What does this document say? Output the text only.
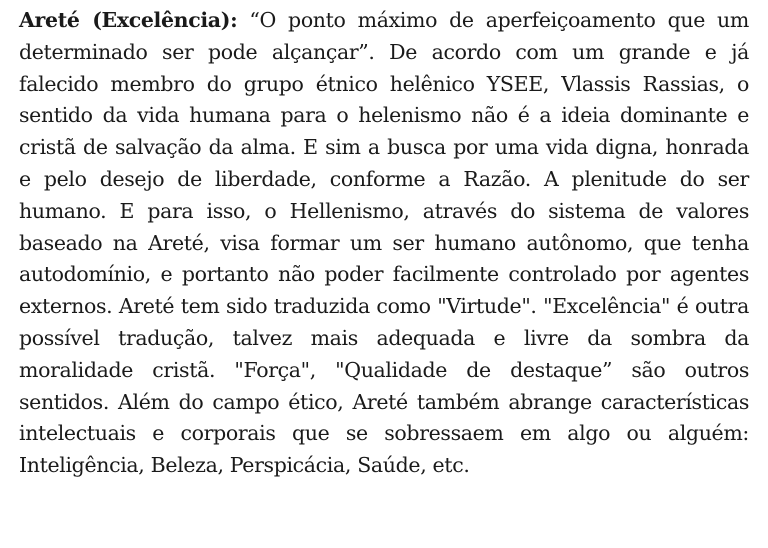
Areté (Excelência): “O ponto máximo de aperfeiçoamento que um determinado ser pode alçançar”. De acordo com um grande e já falecido membro do grupo étnico helênico YSEE, Vlassis Rassias, o sentido da vida humana para o helenismo não é a ideia dominante e cristã de salvação da alma. E sim a busca por uma vida digna, honrada e pelo desejo de liberdade, conforme a Razão. A plenitude do ser humano. E para isso, o Hellenismo, através do sistema de valores baseado na Areté, visa formar um ser humano autônomo, que tenha autodomínio, e portanto não poder facilmente controlado por agentes externos. Areté tem sido traduzida como "Virtude". "Excelência" é outra possível tradução, talvez mais adequada e livre da sombra da moralidade cristã. "Força", "Qualidade de destaque” são outros sentidos. Além do campo ético, Areté também abrange características intelectuais e corporais que se sobressaem em algo ou alguém: Inteligência, Beleza, Perspicácia, Saúde, etc.
